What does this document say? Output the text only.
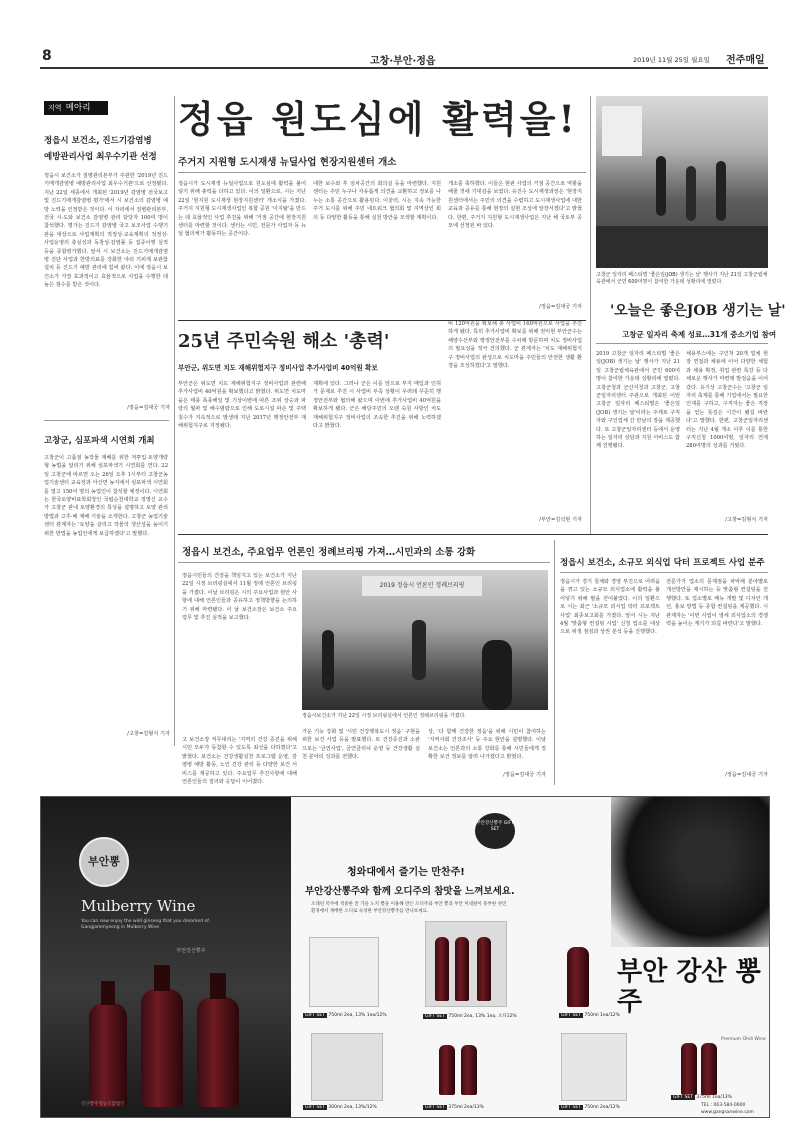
8	고창·부안·정읍	2019년 11월 25일 월요일 전주매일
지역 메아리
정읍시 보건소, 진드기감염병
예방관리사업 최우수기관 선정
정읍시 보건소가 질병관리본부가 주관한 '2019년 진드기매개감염병 예방관리사업 최우수기관'으로 선정됐다. 지난 22일 세종에서 개최된 '2019년 감염병 전국보고 및 진드기매개감염병 평가'에서 시 보건소의 감염병 예방 노력을 인정받은 것이다. 이 자리에서 질병관리본부, 전국 시·도와 보건소 감염병 관리 담당자 100여 명이 참석했다. 평가는 진드기 감염병 국고 보조사업 수행기관을 대상으로 사업계획의 적정성·교육계획의 적정성·사업운영의 충실성과 독창성·감염률 등 집중이행 실적 등을 종합평가했다. 앞서 시 보건소는 진드기매개감염병 진단 사업과 한방의료를 강화한 야외 기피제 보관함 설치 등 진드기 예방 관리에 힘써 왔다. 이에 정읍시 보건소가 가장 효과적이고 효율적으로 사업을 수행한 데 높은 점수를 받은 것이다.
/정읍=김대궁 기자
고창군, 심포파색 시연회 개최
고창군이 고품질 농작물 재배를 위한 저투입·토양개량형 농법을 알리기 위해 심포파색기 시연회를 연다. 22일 고창군에 따르면 오는 26일 오후 1시부터 고창군농업기술센터 교육장과 아산면 농지에서 심포파색 시연회를 열고 150여 명의 농업인이 참석할 예정이다. 시연회는 한국토양비료학회장인 국립순천대학교 정명신 교수가 고창군 관내 토양환경의 특성을 설명하고 토양 관리 방법과 고추·배 재배 기술을 소개한다. 고창군 농업기술센터 관계자는 '토양을 살리고 작물의 생산성을 높이기 위한 방법을 농업인에게 보급하겠다'고 말했다.
/고창=김형식 기자
정읍 원도심에 활력을!
주거지 지원형 도시재생 뉴딜사업 현장지원센터 개소
정읍시가 도시재생 뉴딜사업으로 원도심에 활력을 불어넣기 위해 총력을 다하고 있다. 이의 일환으로, 시는 지난 22일 '현지원 도시재생 현장지원센터' 개소식을 가졌다. 주거지 지원형 도시재생사업인 복합 공원 '이지탈'을 만드는 데 효율적인 사업 추진을 위해 '거점 공간에 현장지원센터를 마련할 것이다. 센터는 시민, 전문가 사업자 등 뉴딜 협의체가 활동하는 공간이다.
대한 보수와 후 임차공간의 회의실 등을 마련했다. 지원센터는 주민 누구나 자유롭게 의견을 교환하고 정보를 나누는 소통 공간으로 활용된다. 이울러, 시는 지속 가능한 주거 도시를 위해 주민 네트워크 협의회 및 지역상인 회의 등 다양한 활동을 통해 실천 방안을 모색할 계획이다.
개소를 축하했다. 이들은 현판 사업의 거점 공간으로 역할을 해줄 것에 기대감을 보였다. 유진수 도시재생과장은 '현장지원센터에서는 주민의 의견을 수렴하고 도시재생사업에 대한 교육과 공유를 통해 현장의 실현 조성에 앞장서겠다'고 밝혔다. 한편, 주거지 지원형 도시재생사업은 지난 해 국토부 공모에 선정된 바 있다.
/정읍=김대궁 기자
고창군 일자리 페스티벌 '좋은일(JOB) 생기는 날' 행사가 지난 21일 고창군립체육관에서 군민 600여명이 참여한 가운데 성황리에 열렸다.
'오늘은 좋은JOB 생기는 날'
고창군 일자리 축제 성료…31개 중소기업 참여
25년 주민숙원 해소 '총력'
부안군, 위도면 치도 재해위험지구 정비사업 추가사업비 40억원 확보
부안군은 위도면 치도 재해위험지구 정비사업과 관련해 추가사업비 40억원을 확보했다고 밝혔다. 위도면 치도마을은 태풍 폭풍해일 및 기상이변에 따른 조위 상승과 파랑의 월파 및 해수범람으로 인해 도로시설 파손 및 주택침수가 지속적으로 발생돼 지난 2017년 행정안전부 재해위험지구로 지정됐다.
계획에 있다. 그러나 군은 이를 앞으로 부지 매입과 인허가 문제로 추진 시 사업비 부족 상황이 우려돼 꾸준히 행정안전부와 협의해 왔으며 이번에 추가사업비 40억원을 확보하게 됐다. 군은 해당주민의 오랜 숙원 사항인 치도 재해위험지구 정비사업의 조속한 추진을 위해 노력하겠다고 밝혔다.
비 120억원을 확보해 총 사업비 160억원으로 사업을 추진하게 됐다. 특히 추가사업비 확보를 위해 권익현 부안군수는 해양수산부와 행정안전부를 수차례 방문하며 치도 정비사업의 필요성을 적극 건의했다. 군 관계자는 '치도 재해위험지구 정비사업의 완성으로 치도마을 주민들의 안전한 생활 환경을 조성하겠다'고 말했다.
/부안=김석현 기자
2019 고창군 일자리 페스티벌 '좋은일(JOB) 생기는 날' 행사가 지난 21일 고창군립체육관에서 군민 600여명이 참여한 가운데 성황리에 열렸다. 고창군청과 군산지청과 고창군, 고창군일자리센터 주관으로 개최된 이번 고창군 일자리 페스티벌은 '좋은일(JOB) 생기는 날'이라는 주제로 구직자와 구인업체 간 만남의 장을 제공했다. 또 고창군일자리센터 등에서 운영하는 일자리 상담과 지원 서비스도 함께 진행됐다.
채용부스에는 구인처 20개 업체 현장 면접과 채용에 이어 다양한 체험과 채용 확정, 취업 관련 특강 등 다채로운 행사가 마련돼 발걸음을 이어갔다. 유기상 고창군수는 '고창군 일자리 축제를 통해 기업에서는 필요한 인재를 구하고, 구직자는 좋은 직장을 얻는 뜻깊은 시간이 됐길 바란다'고 말했다. 한편, 고창군일자리센터는 지난 4월 개소 이후 이를 통한 구직신청 1000여명, 일자리 연계 280여명의 성과를 거뒀다.
/고창=김형식 기자
정읍시 보건소, 주요업무 언론인 정례브리핑 가져…시민과의 소통 강화
정읍시민들의 건강을 책임지고 있는 보건소가 지난 22일 시정 브리핑실에서 11월 정례 언론인 브리핑을 가졌다. 이날 브리핑은 시의 주요사업과 현안 사항에 대해 언론인들과 공유하고 정책방향을 논의하기 위해 마련됐다. 이 날 보건소장은 보건소 주요 업무 및 추진 실적을 보고했다.
2019 정읍시 언론인 정례브리핑
정읍시보건소가 지난 22일 시정 브리핑실에서 언론인 정례브리핑을 가졌다.
고 보건소장 직무대리는 '지역의 건강 증진을 위해 시민 모두가 동참할 수 있도록 최선을 다하겠다'고 밝혔다. 보건소는 건강생활실천 프로그램 운영, 감염병 예방 활동, 노인 건강 관리 등 다양한 보건 서비스를 제공하고 있다. 주요업무 추진사항에 대해 언론인들의 질의와 응답이 이어졌다.
가운 기능 강화 및 '시민 건강행복도시 정읍' 구현을 위한 보건 사업 등을 발표했다. 또 건강증진과 소관으로는 '금연사업', 금연클리닉 운영 등 건강생활 실천 분야의 성과를 전했다.
상, '다 함께 건강한 정읍'을 위해 시민이 참여하는 '지역사회 건강조사' 등 주요 현안을 설명했다. 이날 보건소는 언론과의 소통 강화를 통해 시민들에게 정확한 보건 정보를 알려 나가겠다고 밝혔다.
/정읍=김대궁 기자
정읍시 보건소, 소규모 외식업 닥터 프로젝트 사업 분주
정읍시가 경기 침체와 경영 부진으로 어려움을 겪고 있는 소규모 외식업소에 활력을 불어넣기 위해 팔을 걷어붙였다. 이의 일환으로 시는 최근 '소규모 외식업 닥터 프로젝트 사업' 최종보고회를 가졌다. 앞서 시는 지난 4월 '맞춤형 컨설팅 사업' 신청 업소를 대상으로 위생 점검과 상권 분석 등을 진행했다.
전문가가 업소의 문제점을 파악해 분야별로 개선방안을 제시하는 등 맞춤형 컨설팅을 진행했다. 또 업소별로 메뉴 개발 및 디자인 개선, 홍보 방법 등 종합 컨설팅을 제공했다. 시 관계자는 '이번 사업이 영세 외식업소의 경쟁력을 높이는 계기가 되길 바란다'고 말했다.
/정읍=김대궁 기자
부안뽕
Mulberry Wine
You can now enjoy the wild ginseng that you dreamed of. Gangjammyeong in Mulberry Wine
부안강산뽕주
강산뽕주영농조합법인
부안강산뽕주 GIFT SET
청와대에서 즐기는 만찬주!
부안강산뽕주와 함께 오디주의 참맛을 느껴보세요.
오래된 역주에 적중한 꿀 가을 노지 뽕을 이용해 만든 오디주와 부안 뽕과 부안 미네랄이 풍부한 천연 환경에서 재배한 오디로 숙성한 부안강산뽕주를 만나보세요.
부안 강산 뽕주
Premium Ohdi Wine
GIFT SET 750ml 2ea, 13% 1ea/12%	GIFT SET 750ml 2ea, 13% 1ea, 오디12%	GIFT SET 750ml 1ea/12%
GIFT SET 300ml 2ea, 13%/12%	GIFT SET 375ml 2ea/13%	GIFT SET 750ml 2ea/12%
GIFT SET 375ml 1ea/13%
TEL : 063-584-0600
www.gangsanwine.com
